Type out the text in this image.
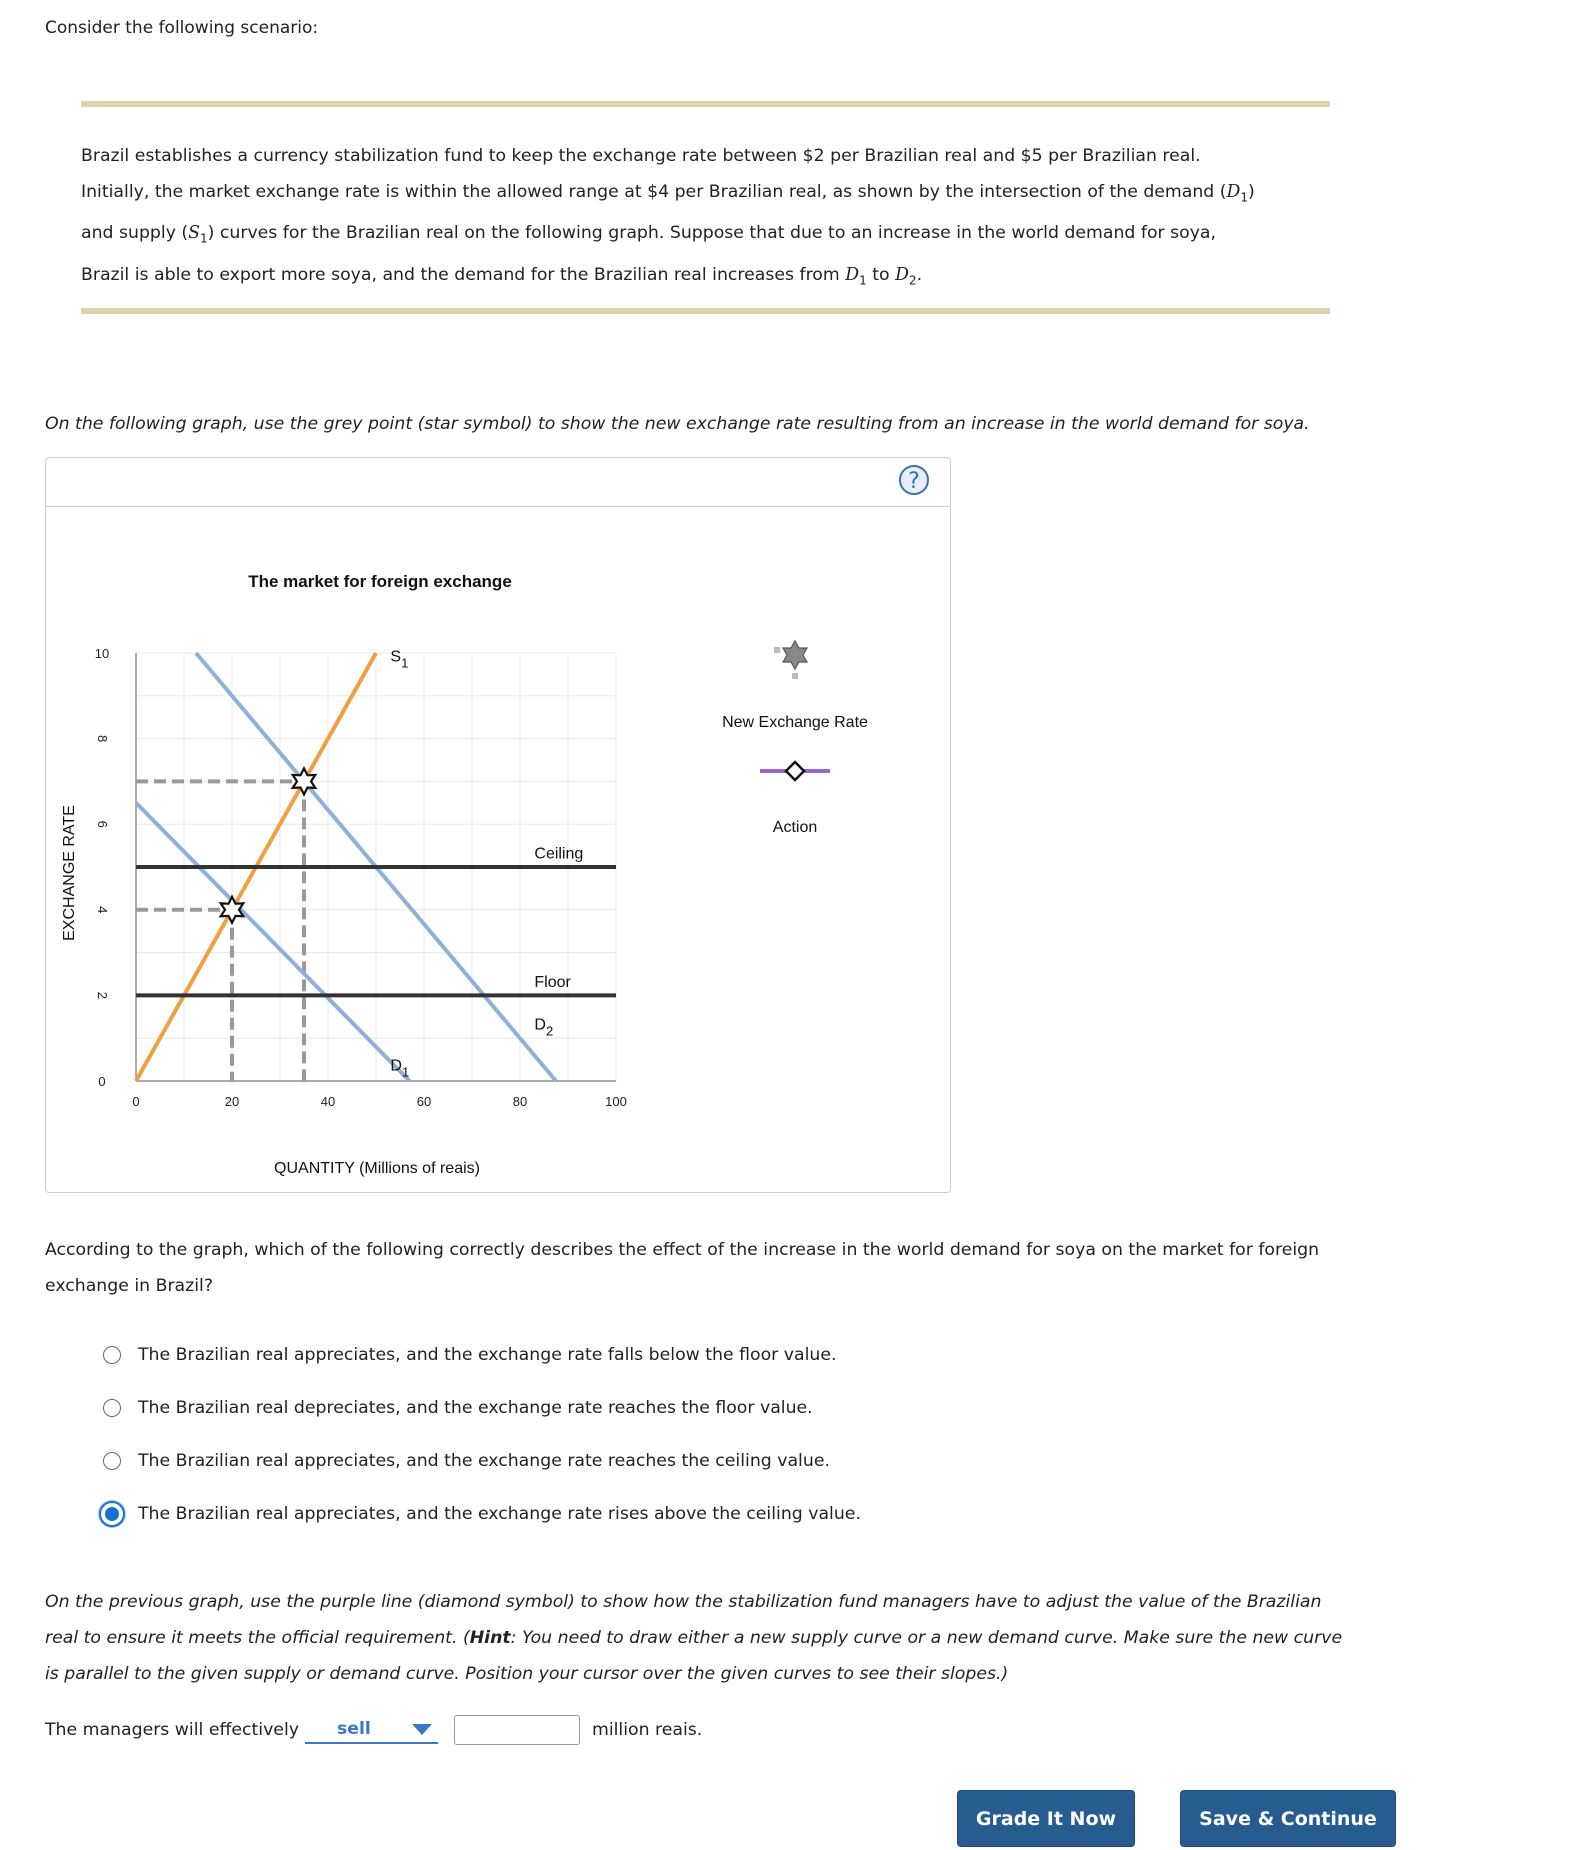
Consider the following scenario:
Brazil establishes a currency stabilization fund to keep the exchange rate between $2 per Brazilian real and $5 per Brazilian real.
Initially, the market exchange rate is within the allowed range at $4 per Brazilian real, as shown by the intersection of the demand $(D_1)$
and supply $(S_1)$ curves for the Brazilian real on the following graph. Suppose that due to an increase in the world demand for soya,
Brazil is able to export more soya, and the demand for the Brazilian real increases from $D_1$ to $D_2$.
On the following graph, use the grey point (star symbol) to show the new exchange rate resulting from an increase in the world demand for soya.
?
The market for foreign exchange
0	20	40	60	80	100
0
2
4
6
8
10	$S_1$
$D_1$
$D_2$
Ceiling
Floor
EXCHANGE RATE
QUANTITY (Millions of reais)
New Exchange Rate
Action
According to the graph, which of the following correctly describes the effect of the increase in the world demand for soya on the market for foreign
exchange in Brazil?
The Brazilian real appreciates, and the exchange rate falls below the floor value.
The Brazilian real depreciates, and the exchange rate reaches the floor value.
The Brazilian real appreciates, and the exchange rate reaches the ceiling value.
The Brazilian real appreciates, and the exchange rate rises above the ceiling value.
On the previous graph, use the purple line (diamond symbol) to show how the stabilization fund managers have to adjust the value of the Brazilian
real to ensure it meets the official requirement. (Hint: You need to draw either a new supply curve or a new demand curve. Make sure the new curve
is parallel to the given supply or demand curve. Position your cursor over the given curves to see their slopes.)
The managers will effectively sell	million reais.
Grade It Now	Save & Continue
